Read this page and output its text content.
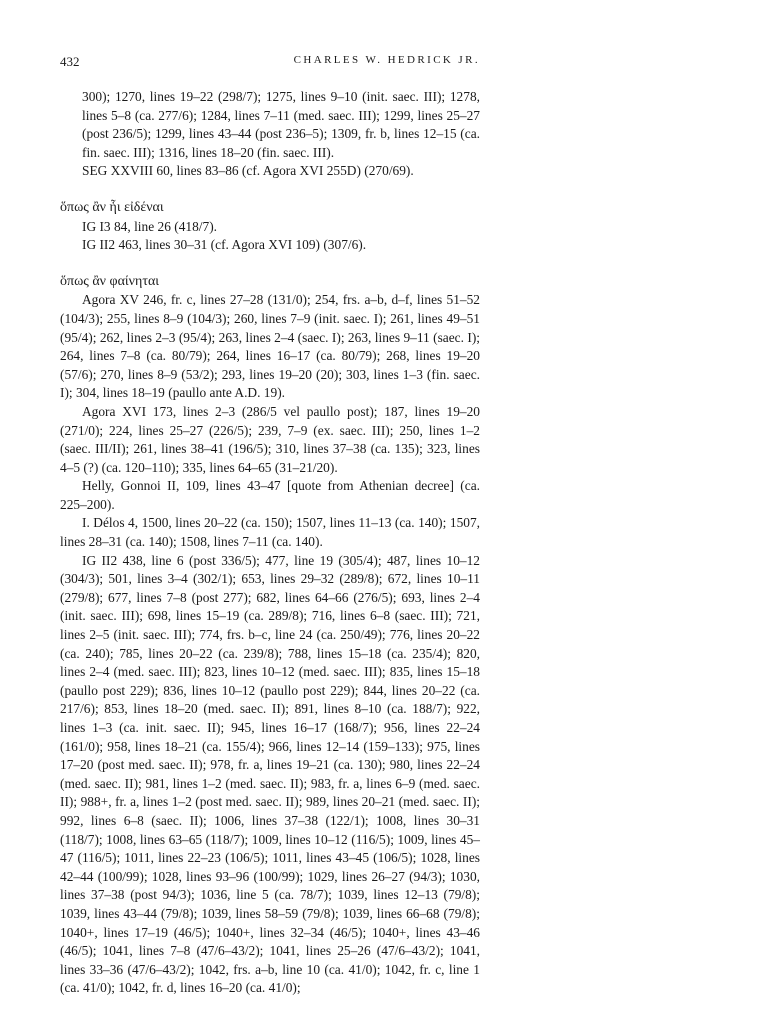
432	CHARLES W. HEDRICK JR.

300); 1270, lines 19–22 (298/7); 1275, lines 9–10 (init. saec. III); 1278, lines 5–8 (ca. 277/6); 1284, lines 7–11 (med. saec. III); 1299, lines 25–27 (post 236/5); 1299, lines 43–44 (post 236–5); 1309, fr. b, lines 12–15 (ca. fin. saec. III); 1316, lines 18–20 (fin. saec. III).

SEG XXVIII 60, lines 83–86 (cf. Agora XVI 255D) (270/69).

ὅπως ἂν ἦι εἰδέναι

IG I3 84, line 26 (418/7).

IG II2 463, lines 30–31 (cf. Agora XVI 109) (307/6).

ὅπως ἂν φαίνηται

Agora XV 246, fr. c, lines 27–28 (131/0); 254, frs. a–b, d–f, lines 51–52 (104/3); 255, lines 8–9 (104/3); 260, lines 7–9 (init. saec. I); 261, lines 49–51 (95/4); 262, lines 2–3 (95/4); 263, lines 2–4 (saec. I); 263, lines 9–11 (saec. I); 264, lines 7–8 (ca. 80/79); 264, lines 16–17 (ca. 80/79); 268, lines 19–20 (57/6); 270, lines 8–9 (53/2); 293, lines 19–20 (20); 303, lines 1–3 (fin. saec. I); 304, lines 18–19 (paullo ante A.D. 19).

Agora XVI 173, lines 2–3 (286/5 vel paullo post); 187, lines 19–20 (271/0); 224, lines 25–27 (226/5); 239, 7–9 (ex. saec. III); 250, lines 1–2 (saec. III/II); 261, lines 38–41 (196/5); 310, lines 37–38 (ca. 135); 323, lines 4–5 (?) (ca. 120–110); 335, lines 64–65 (31–21/20).

Helly, Gonnoi II, 109, lines 43–47 [quote from Athenian decree] (ca. 225–200).

I. Délos 4, 1500, lines 20–22 (ca. 150); 1507, lines 11–13 (ca. 140); 1507, lines 28–31 (ca. 140); 1508, lines 7–11 (ca. 140).

IG II2 438, line 6 (post 336/5); 477, line 19 (305/4); 487, lines 10–12 (304/3); 501, lines 3–4 (302/1); 653, lines 29–32 (289/8); 672, lines 10–11 (279/8); 677, lines 7–8 (post 277); 682, lines 64–66 (276/5); 693, lines 2–4 (init. saec. III); 698, lines 15–19 (ca. 289/8); 716, lines 6–8 (saec. III); 721, lines 2–5 (init. saec. III); 774, frs. b–c, line 24 (ca. 250/49); 776, lines 20–22 (ca. 240); 785, lines 20–22 (ca. 239/8); 788, lines 15–18 (ca. 235/4); 820, lines 2–4 (med. saec. III); 823, lines 10–12 (med. saec. III); 835, lines 15–18 (paullo post 229); 836, lines 10–12 (paullo post 229); 844, lines 20–22 (ca. 217/6); 853, lines 18–20 (med. saec. II); 891, lines 8–10 (ca. 188/7); 922, lines 1–3 (ca. init. saec. II); 945, lines 16–17 (168/7); 956, lines 22–24 (161/0); 958, lines 18–21 (ca. 155/4); 966, lines 12–14 (159–133); 975, lines 17–20 (post med. saec. II); 978, fr. a, lines 19–21 (ca. 130); 980, lines 22–24 (med. saec. II); 981, lines 1–2 (med. saec. II); 983, fr. a, lines 6–9 (med. saec. II); 988+, fr. a, lines 1–2 (post med. saec. II); 989, lines 20–21 (med. saec. II); 992, lines 6–8 (saec. II); 1006, lines 37–38 (122/1); 1008, lines 30–31 (118/7); 1008, lines 63–65 (118/7); 1009, lines 10–12 (116/5); 1009, lines 45–47 (116/5); 1011, lines 22–23 (106/5); 1011, lines 43–45 (106/5); 1028, lines 42–44 (100/99); 1028, lines 93–96 (100/99); 1029, lines 26–27 (94/3); 1030, lines 37–38 (post 94/3); 1036, line 5 (ca. 78/7); 1039, lines 12–13 (79/8); 1039, lines 43–44 (79/8); 1039, lines 58–59 (79/8); 1039, lines 66–68 (79/8); 1040+, lines 17–19 (46/5); 1040+, lines 32–34 (46/5); 1040+, lines 43–46 (46/5); 1041, lines 7–8 (47/6–43/2); 1041, lines 25–26 (47/6–43/2); 1041, lines 33–36 (47/6–43/2); 1042, frs. a–b, line 10 (ca. 41/0); 1042, fr. c, line 1 (ca. 41/0); 1042, fr. d, lines 16–20 (ca. 41/0);
